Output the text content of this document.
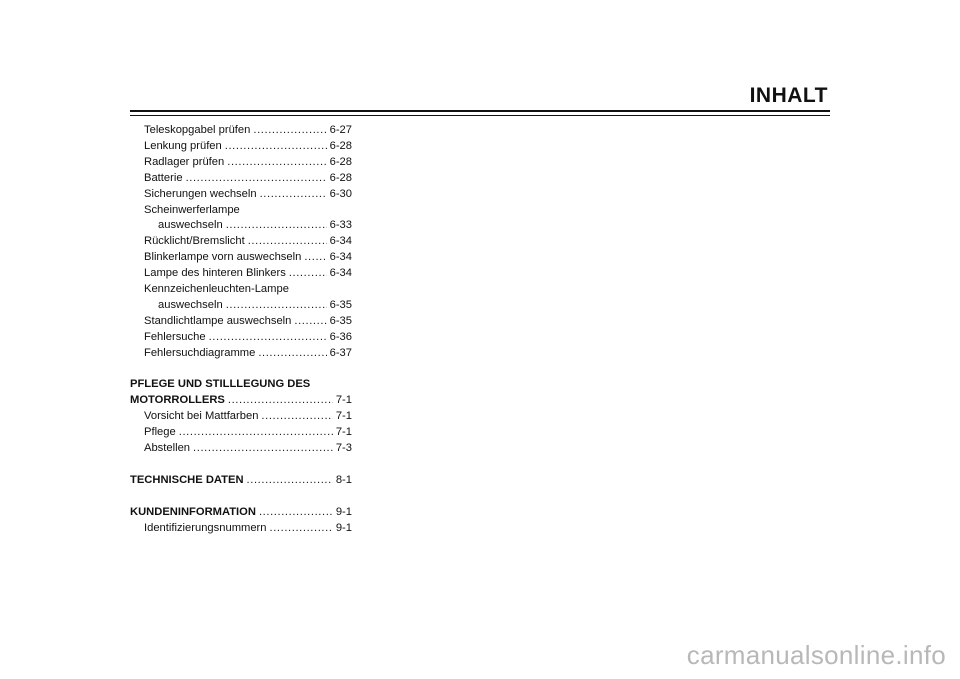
INHALT
Teleskopgabel prüfen .....	6-27
Lenkung prüfen .....	6-28
Radlager prüfen .....	6-28
Batterie .....	6-28
Sicherungen wechseln .....	6-30
Scheinwerferlampe
auswechseln .....	6-33
Rücklicht/Bremslicht .....	6-34
Blinkerlampe vorn auswechseln .....	6-34
Lampe des hinteren Blinkers .....	6-34
Kennzeichenleuchten-Lampe
auswechseln .....	6-35
Standlichtlampe auswechseln .....	6-35
Fehlersuche .....	6-36
Fehlersuchdiagramme .....	6-37
PFLEGE UND STILLLEGUNG DES
MOTORROLLERS .....	7-1
Vorsicht bei Mattfarben .....	7-1
Pflege .....	7-1
Abstellen .....	7-3
TECHNISCHE DATEN .....	8-1
KUNDENINFORMATION .....	9-1
Identifizierungsnummern .....	9-1
carmanualsonline.info
